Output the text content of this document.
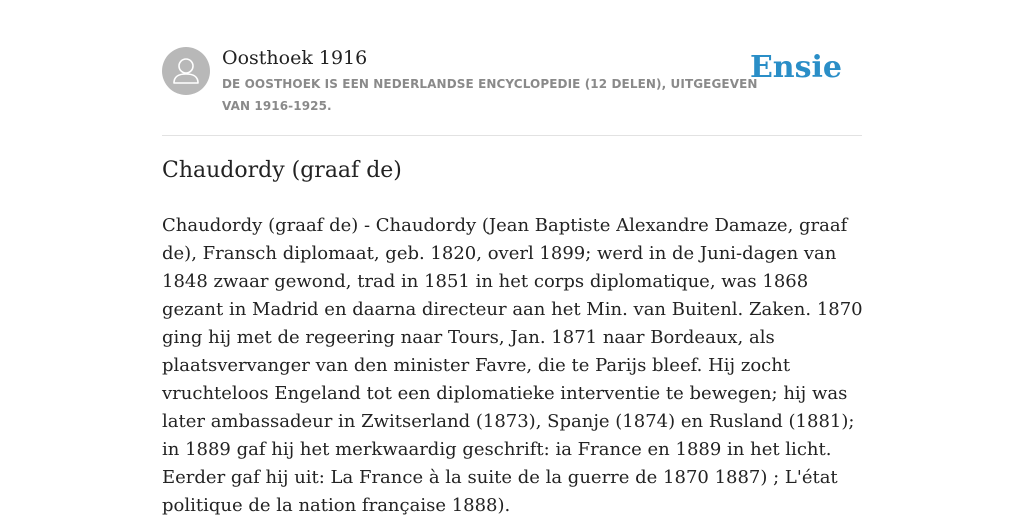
Oosthoek 1916
DE OOSTHOEK IS EEN NEDERLANDSE ENCYCLOPEDIE (12 DELEN), UITGEGEVEN VAN 1916-1925.
Ensie
Chaudordy (graaf de)

Chaudordy (graaf de) - Chaudordy (Jean Baptiste Alexandre Damaze, graaf de), Fransch diplomaat, geb. 1820, overl 1899; werd in de Juni-dagen van 1848 zwaar gewond, trad in 1851 in het corps diplomatique, was 1868 gezant in Madrid en daarna directeur aan het Min. van Buitenl. Zaken. 1870 ging hij met de regeering naar Tours, Jan. 1871 naar Bordeaux, als plaatsvervanger van den minister Favre, die te Parijs bleef. Hij zocht vruchteloos Engeland tot een diplomatieke interventie te bewegen; hij was later ambassadeur in Zwitserland (1873), Spanje (1874) en Rusland (1881); in 1889 gaf hij het merkwaardig geschrift: ia France en 1889 in het licht. Eerder gaf hij uit: La France à la suite de la guerre de 1870 1887) ; L'état politique de la nation française 1888).
